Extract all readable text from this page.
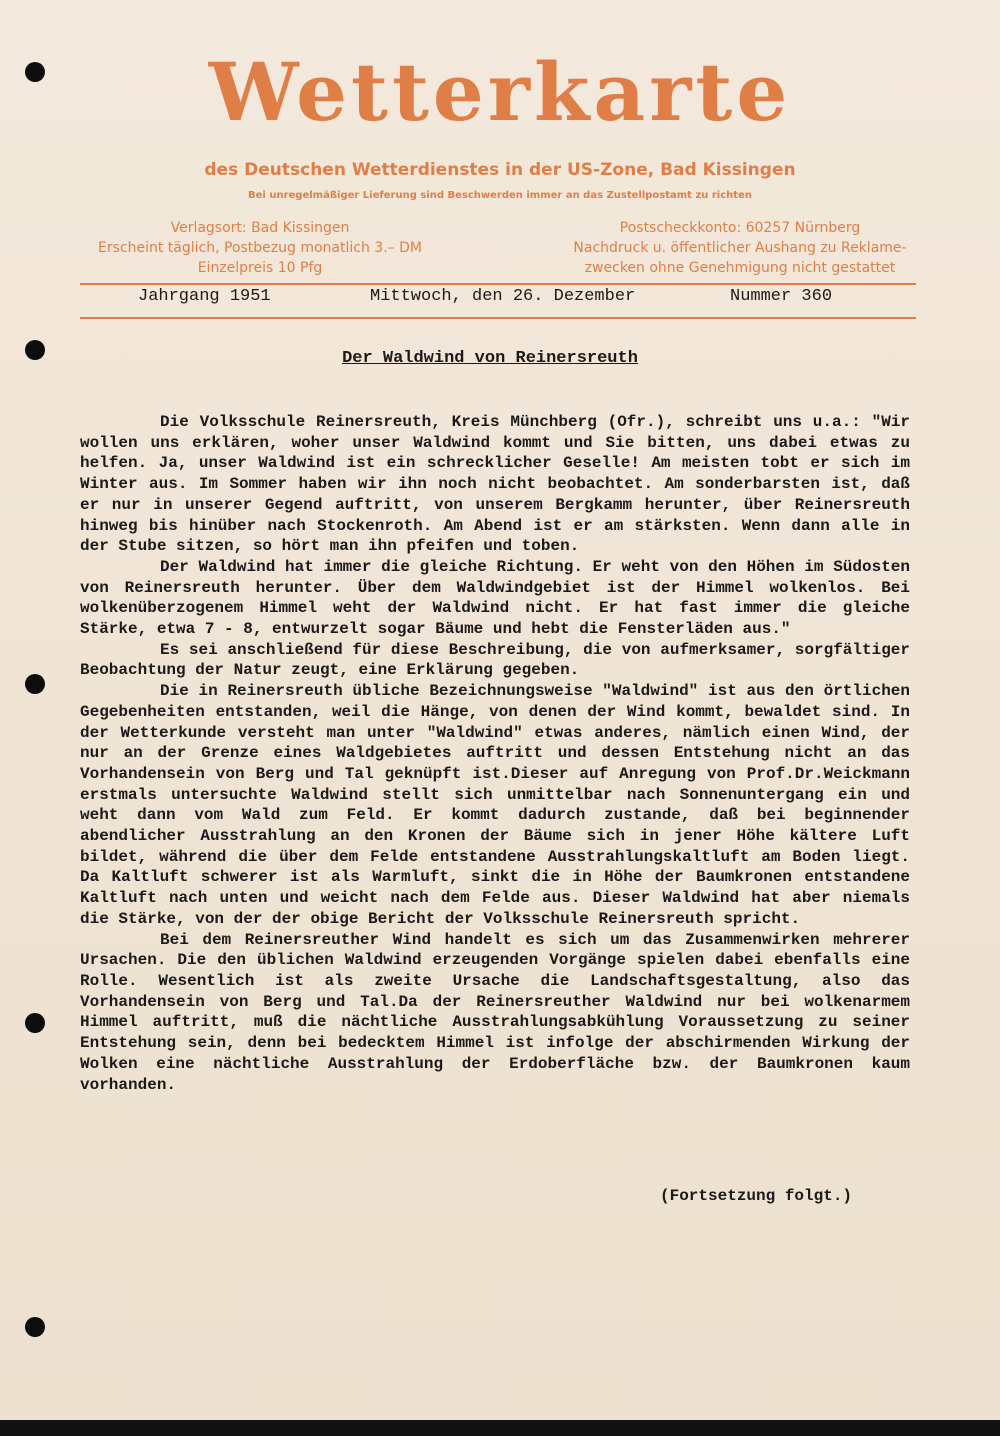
Wetterkarte
des Deutschen Wetterdienstes in der US-Zone, Bad Kissingen
Bei unregelmäßiger Lieferung sind Beschwerden immer an das Zustellpostamt zu richten
Verlagsort: Bad Kissingen
Erscheint täglich, Postbezug monatlich 3.– DM
Einzelpreis 10 Pfg
Postscheckkonto: 60257 Nürnberg
Nachdruck u. öffentlicher Aushang zu Reklame-
zwecken ohne Genehmigung nicht gestattet
Jahrgang 1951	Mittwoch, den 26. Dezember	Nummer 360
Der Waldwind von Reinersreuth

Die Volksschule Reinersreuth, Kreis Münchberg (Ofr.), schreibt uns u.a.: "Wir wollen uns erklären, woher unser Waldwind kommt und Sie bitten, uns dabei etwas zu helfen. Ja, unser Waldwind ist ein schrecklicher Geselle! Am meisten tobt er sich im Winter aus. Im Sommer haben wir ihn noch nicht beobachtet. Am sonderbarsten ist, daß er nur in unserer Gegend auftritt, von unserem Bergkamm herunter, über Reinersreuth hinweg bis hinüber nach Stockenroth. Am Abend ist er am stärksten. Wenn dann alle in der Stube sitzen, so hört man ihn pfeifen und toben.

Der Waldwind hat immer die gleiche Richtung. Er weht von den Höhen im Südosten von Reinersreuth herunter. Über dem Waldwindgebiet ist der Himmel wolkenlos. Bei wolkenüberzogenem Himmel weht der Waldwind nicht. Er hat fast immer die gleiche Stärke, etwa 7 - 8, entwurzelt sogar Bäume und hebt die Fensterläden aus."

Es sei anschließend für diese Beschreibung, die von aufmerksamer, sorgfältiger Beobachtung der Natur zeugt, eine Erklärung gegeben.

Die in Reinersreuth übliche Bezeichnungsweise "Waldwind" ist aus den örtlichen Gegebenheiten entstanden, weil die Hänge, von denen der Wind kommt, bewaldet sind. In der Wetterkunde versteht man unter "Waldwind" etwas anderes, nämlich einen Wind, der nur an der Grenze eines Waldgebietes auftritt und dessen Entstehung nicht an das Vorhandensein von Berg und Tal geknüpft ist.Dieser auf Anregung von Prof.Dr.Weickmann erstmals untersuchte Waldwind stellt sich unmittelbar nach Sonnenuntergang ein und weht dann vom Wald zum Feld. Er kommt dadurch zustande, daß bei beginnender abendlicher Ausstrahlung an den Kronen der Bäume sich in jener Höhe kältere Luft bildet, während die über dem Felde entstandene Ausstrahlungskaltluft am Boden liegt. Da Kaltluft schwerer ist als Warmluft, sinkt die in Höhe der Baumkronen entstandene Kaltluft nach unten und weicht nach dem Felde aus. Dieser Waldwind hat aber niemals die Stärke, von der der obige Bericht der Volksschule Reinersreuth spricht.

Bei dem Reinersreuther Wind handelt es sich um das Zusammenwirken mehrerer Ursachen. Die den üblichen Waldwind erzeugenden Vorgänge spielen dabei ebenfalls eine Rolle. Wesentlich ist als zweite Ursache die Landschaftsgestaltung, also das Vorhandensein von Berg und Tal.Da der Reinersreuther Waldwind nur bei wolkenarmem Himmel auftritt, muß die nächtliche Ausstrahlungsabkühlung Voraussetzung zu seiner Entstehung sein, denn bei bedecktem Himmel ist infolge der abschirmenden Wirkung der Wolken eine nächtliche Ausstrahlung der Erdoberfläche bzw. der Baumkronen kaum vorhanden.

(Fortsetzung folgt.)
